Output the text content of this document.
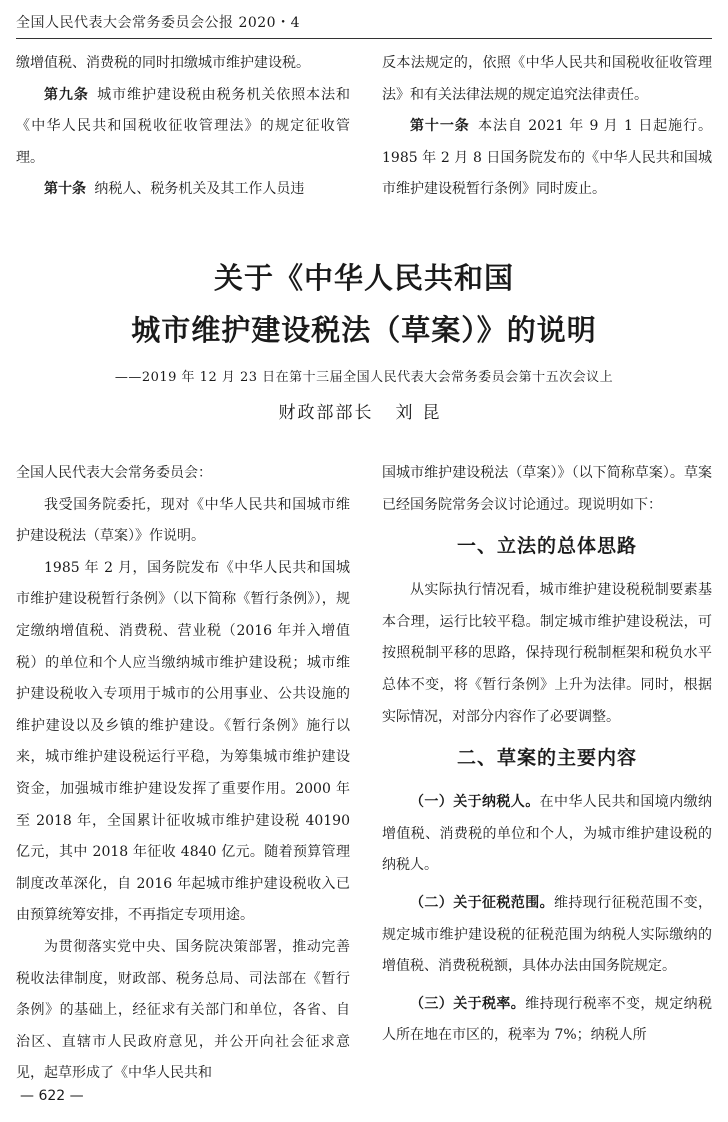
全国人民代表大会常务委员会公报 2020・4

缴增值税、消费税的同时扣缴城市维护建设税。

第九条 城市维护建设税由税务机关依照本法和《中华人民共和国税收征收管理法》的规定征收管理。

第十条 纳税人、税务机关及其工作人员违

反本法规定的，依照《中华人民共和国税收征收管理法》和有关法律法规的规定追究法律责任。

第十一条 本法自 2021 年 9 月 1 日起施行。1985 年 2 月 8 日国务院发布的《中华人民共和国城市维护建设税暂行条例》同时废止。

关于《中华人民共和国
城市维护建设税法（草案）》的说明
——2019 年 12 月 23 日在第十三届全国人民代表大会常务委员会第十五次会议上
财政部部长 刘昆

全国人民代表大会常务委员会：

我受国务院委托，现对《中华人民共和国城市维护建设税法（草案）》作说明。

1985 年 2 月，国务院发布《中华人民共和国城市维护建设税暂行条例》（以下简称《暂行条例》），规定缴纳增值税、消费税、营业税（2016 年并入增值税）的单位和个人应当缴纳城市维护建设税；城市维护建设税收入专项用于城市的公用事业、公共设施的维护建设以及乡镇的维护建设。《暂行条例》施行以来，城市维护建设税运行平稳，为筹集城市维护建设资金，加强城市维护建设发挥了重要作用。2000 年至 2018 年，全国累计征收城市维护建设税 40190 亿元，其中 2018 年征收 4840 亿元。随着预算管理制度改革深化，自 2016 年起城市维护建设税收入已由预算统筹安排，不再指定专项用途。

为贯彻落实党中央、国务院决策部署，推动完善税收法律制度，财政部、税务总局、司法部在《暂行条例》的基础上，经征求有关部门和单位，各省、自治区、直辖市人民政府意见，并公开向社会征求意见，起草形成了《中华人民共和

国城市维护建设税法（草案）》（以下简称草案）。草案已经国务院常务会议讨论通过。现说明如下：

一、立法的总体思路

从实际执行情况看，城市维护建设税税制要素基本合理，运行比较平稳。制定城市维护建设税法，可按照税制平移的思路，保持现行税制框架和税负水平总体不变，将《暂行条例》上升为法律。同时，根据实际情况，对部分内容作了必要调整。

二、草案的主要内容

（一）关于纳税人。在中华人民共和国境内缴纳增值税、消费税的单位和个人，为城市维护建设税的纳税人。

（二）关于征税范围。维持现行征税范围不变，规定城市维护建设税的征税范围为纳税人实际缴纳的增值税、消费税税额，具体办法由国务院规定。

（三）关于税率。维持现行税率不变，规定纳税人所在地在市区的，税率为 7%；纳税人所

— 622 —
